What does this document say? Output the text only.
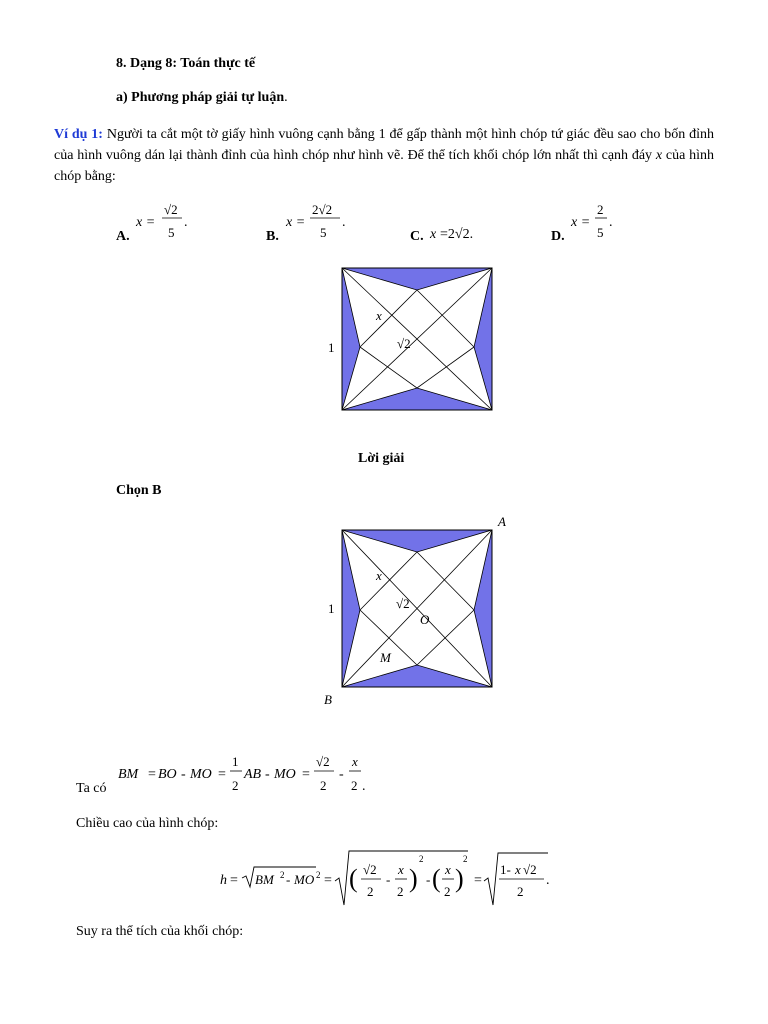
8. Dạng 8: Toán thực tế
a) Phương pháp giải tự luận.
Ví dụ 1: Người ta cắt một tờ giấy hình vuông cạnh bằng 1 để gấp thành một hình chóp tứ giác đều sao cho bốn đỉnh của hình vuông dán lại thành đỉnh của hình chóp như hình vẽ. Để thể tích khối chóp lớn nhất thì cạnh đáy x của hình chóp bằng:
A.
x =
√2
5
.
B.
x =
2√2
5
.
C. x =2√2.	D.
x =
2
5
.
x
√2
1
Lời giải
Chọn B
x
√2
O
M
1
A
B
Ta có
BM = BO - MO =
1
2
AB - MO =
√2
2
-
x
2 .
Chiều cao của hình chóp:
h = BM 2 - MO 2 = ( √2
2
-
x
2 )
2
- ( x
2 )
2
=
1- x √2
2
.
Suy ra thể tích của khối chóp:
